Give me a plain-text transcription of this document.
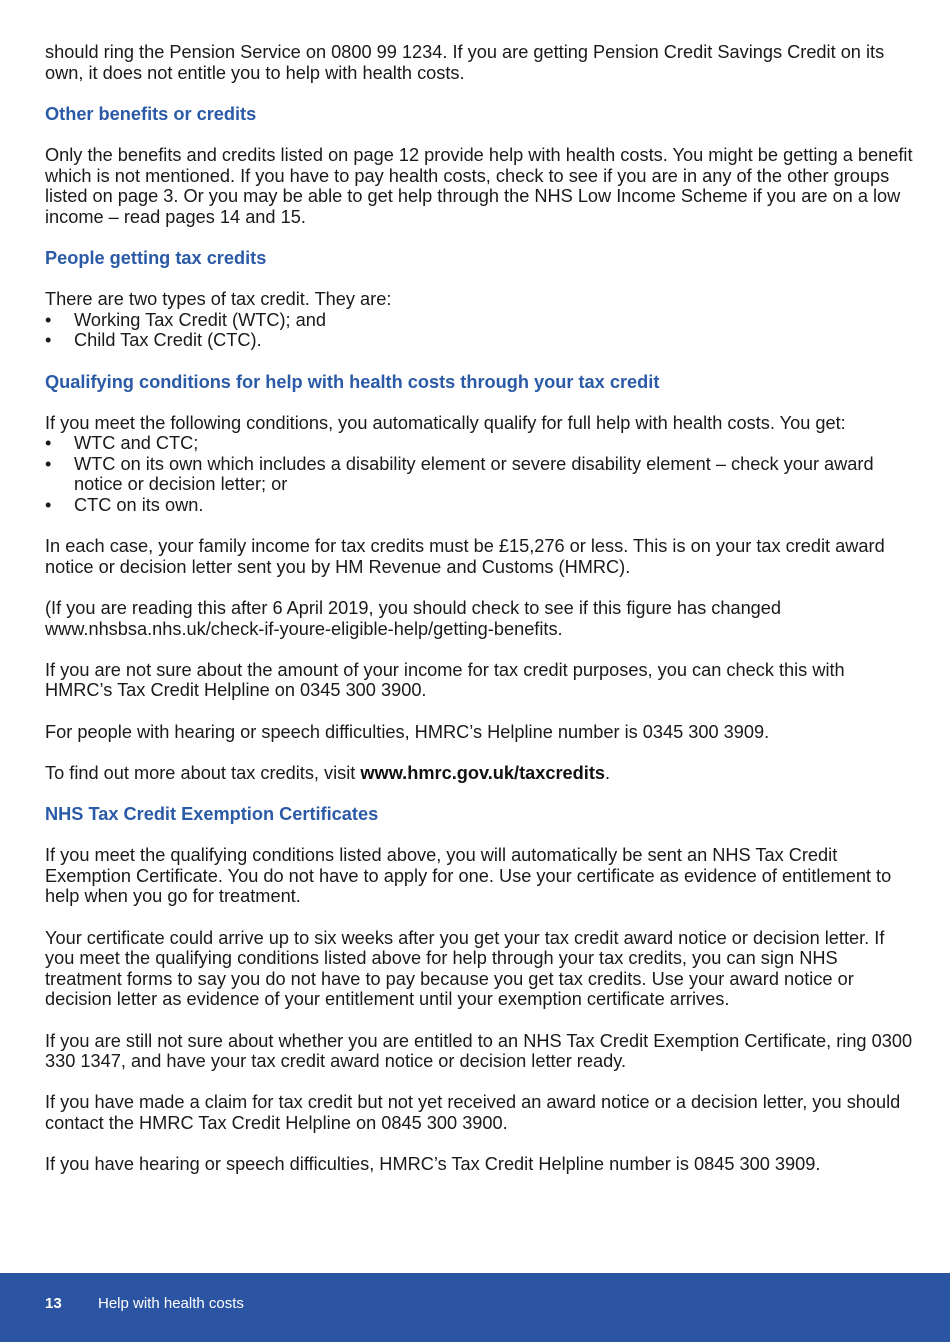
should ring the Pension Service on 0800 99 1234. If you are getting Pension Credit Savings Credit on its own, it does not entitle you to help with health costs.

Other benefits or credits

Only the benefits and credits listed on page 12 provide help with health costs. You might be getting a benefit which is not mentioned. If you have to pay health costs, check to see if you are in any of the other groups listed on page 3. Or you may be able to get help through the NHS Low Income Scheme if you are on a low income – read pages 14 and 15.

People getting tax credits

There are two types of tax credit. They are:

• Working Tax Credit (WTC); and
• Child Tax Credit (CTC).
Qualifying conditions for help with health costs through your tax credit

If you meet the following conditions, you automatically qualify for full help with health costs. You get:

• WTC and CTC;
• WTC on its own which includes a disability element or severe disability element – check your award notice or decision letter; or
• CTC on its own.

In each case, your family income for tax credits must be £15,276 or less. This is on your tax credit award notice or decision letter sent you by HM Revenue and Customs (HMRC).

(If you are reading this after 6 April 2019, you should check to see if this figure has changed www.nhsbsa.nhs.uk/check-if-youre-eligible-help/getting-benefits.

If you are not sure about the amount of your income for tax credit purposes, you can check this with HMRC’s Tax Credit Helpline on 0345 300 3900.

For people with hearing or speech difficulties, HMRC’s Helpline number is 0345 300 3909.

To find out more about tax credits, visit www.hmrc.gov.uk/taxcredits.

NHS Tax Credit Exemption Certificates

If you meet the qualifying conditions listed above, you will automatically be sent an NHS Tax Credit Exemption Certificate. You do not have to apply for one. Use your certificate as evidence of entitlement to help when you go for treatment.

Your certificate could arrive up to six weeks after you get your tax credit award notice or decision letter. If you meet the qualifying conditions listed above for help through your tax credits, you can sign NHS treatment forms to say you do not have to pay because you get tax credits. Use your award notice or decision letter as evidence of your entitlement until your exemption certificate arrives.

If you are still not sure about whether you are entitled to an NHS Tax Credit Exemption Certificate, ring 0300 330 1347, and have your tax credit award notice or decision letter ready.

If you have made a claim for tax credit but not yet received an award notice or a decision letter, you should contact the HMRC Tax Credit Helpline on 0845 300 3900.

If you have hearing or speech difficulties, HMRC’s Tax Credit Helpline number is 0845 300 3909.

13 Help with health costs
